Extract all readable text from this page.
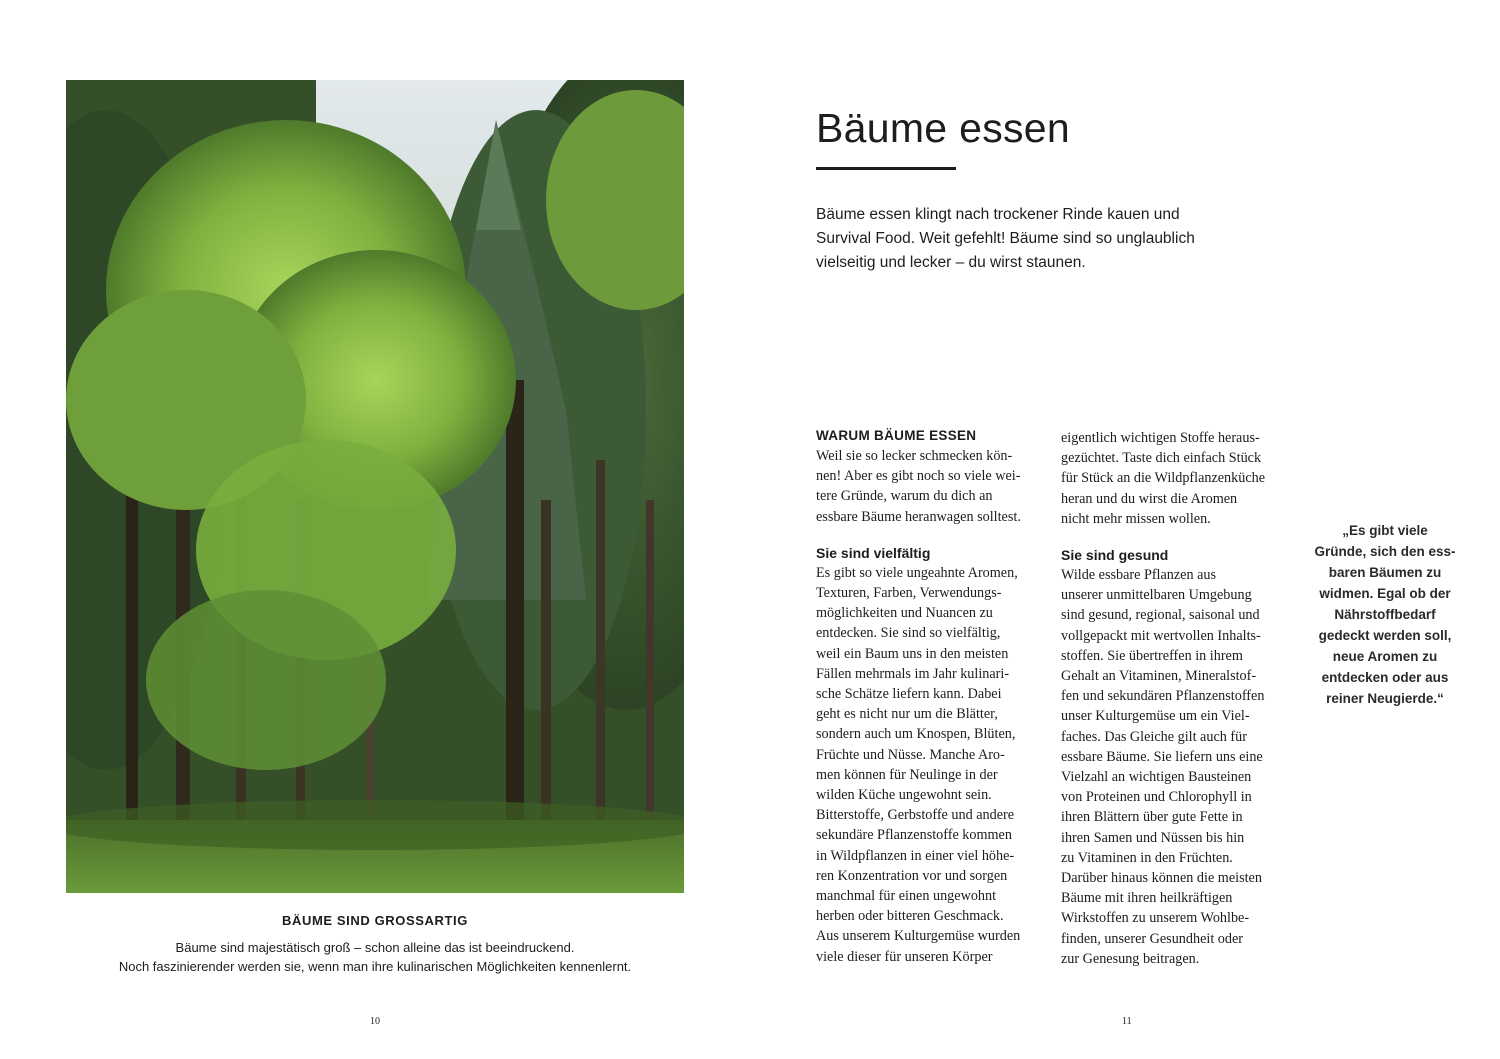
BÄUME SIND GROSSARTIG
Bäume sind majestätisch groß – schon alleine das ist beeindruckend.
Noch faszinierender werden sie, wenn man ihre kulinarischen Möglichkeiten kennenlernt.
10
Bäume essen
Bäume essen klingt nach trockener Rinde kauen und
Survival Food. Weit gefehlt! Bäume sind so unglaublich
vielseitig und lecker – du wirst staunen.

WARUM BÄUME ESSEN

Weil sie so lecker schmecken kön-
nen! Aber es gibt noch so viele wei-
tere Gründe, warum du dich an
essbare Bäume heranwagen solltest.

Sie sind vielfältig

Es gibt so viele ungeahnte Aromen,
Texturen, Farben, Verwendungs-
möglichkeiten und Nuancen zu
entdecken. Sie sind so vielfältig,
weil ein Baum uns in den meisten
Fällen mehrmals im Jahr kulinari-
sche Schätze liefern kann. Dabei
geht es nicht nur um die Blätter,
sondern auch um Knospen, Blüten,
Früchte und Nüsse. Manche Aro-
men können für Neulinge in der
wilden Küche ungewohnt sein.
Bitterstoffe, Gerbstoffe und andere
sekundäre Pflanzenstoffe kommen
in Wildpflanzen in einer viel höhe-
ren Konzentration vor und sorgen
manchmal für einen ungewohnt
herben oder bitteren Geschmack.
Aus unserem Kulturgemüse wurden
viele dieser für unseren Körper
eigentlich wichtigen Stoffe heraus-
gezüchtet. Taste dich einfach Stück
für Stück an die Wildpflanzenküche
heran und du wirst die Aromen
nicht mehr missen wollen.

Sie sind gesund

Wilde essbare Pflanzen aus
unserer unmittelbaren Umgebung
sind gesund, regional, saisonal und
vollgepackt mit wertvollen Inhalts-
stoffen. Sie übertreffen in ihrem
Gehalt an Vitaminen, Mineralstof-
fen und sekundären Pflanzenstoffen
unser Kulturgemüse um ein Viel-
faches. Das Gleiche gilt auch für
essbare Bäume. Sie liefern uns eine
Vielzahl an wichtigen Bausteinen
von Proteinen und Chlorophyll in
ihren Blättern über gute Fette in
ihren Samen und Nüssen bis hin
zu Vitaminen in den Früchten.
Darüber hinaus können die meisten
Bäume mit ihren heilkräftigen
Wirkstoffen zu unserem Wohlbe-
finden, unserer Gesundheit oder
zur Genesung beitragen.
„Es gibt viele
Gründe, sich den ess-
baren Bäumen zu
widmen. Egal ob der
Nährstoffbedarf
gedeckt werden soll,
neue Aromen zu
entdecken oder aus
reiner Neugierde.“
11
